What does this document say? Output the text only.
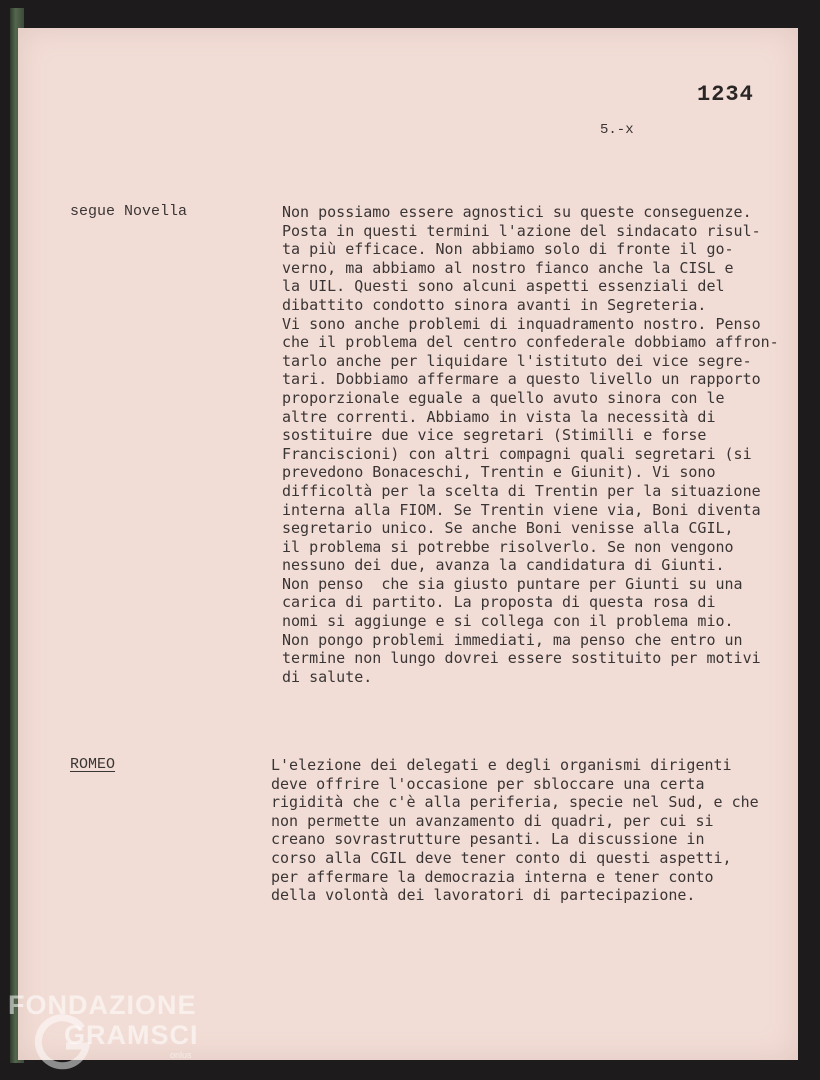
1234
5.-x
segue Novella	Non possiamo essere agnostici su queste conseguenze.
Posta in questi termini l'azione del sindacato risul-
ta più efficace. Non abbiamo solo di fronte il go-
verno, ma abbiamo al nostro fianco anche la CISL e
la UIL. Questi sono alcuni aspetti essenziali del
dibattito condotto sinora avanti in Segreteria.
Vi sono anche problemi di inquadramento nostro. Penso
che il problema del centro confederale dobbiamo affron-
tarlo anche per liquidare l'istituto dei vice segre-
tari. Dobbiamo affermare a questo livello un rapporto
proporzionale eguale a quello avuto sinora con le
altre correnti. Abbiamo in vista la necessità di
sostituire due vice segretari (Stimilli e forse
Franciscioni) con altri compagni quali segretari (si
prevedono Bonaceschi, Trentin e Giunit). Vi sono
difficoltà per la scelta di Trentin per la situazione
interna alla FIOM. Se Trentin viene via, Boni diventa
segretario unico. Se anche Boni venisse alla CGIL,
il problema si potrebbe risolverlo. Se non vengono
nessuno dei due, avanza la candidatura di Giunti.
Non penso  che sia giusto puntare per Giunti su una
carica di partito. La proposta di questa rosa di
nomi si aggiunge e si collega con il problema mio.
Non pongo problemi immediati, ma penso che entro un
termine non lungo dovrei essere sostituito per motivi
di salute.
ROMEO	L'elezione dei delegati e degli organismi dirigenti
deve offrire l'occasione per sbloccare una certa
rigidità che c'è alla periferia, specie nel Sud, e che
non permette un avanzamento di quadri, per cui si
creano sovrastrutture pesanti. La discussione in
corso alla CGIL deve tener conto di questi aspetti,
per affermare la democrazia interna e tener conto
della volontà dei lavoratori di partecipazione.
FONDAZIONE
GRAMSCI
onlus
